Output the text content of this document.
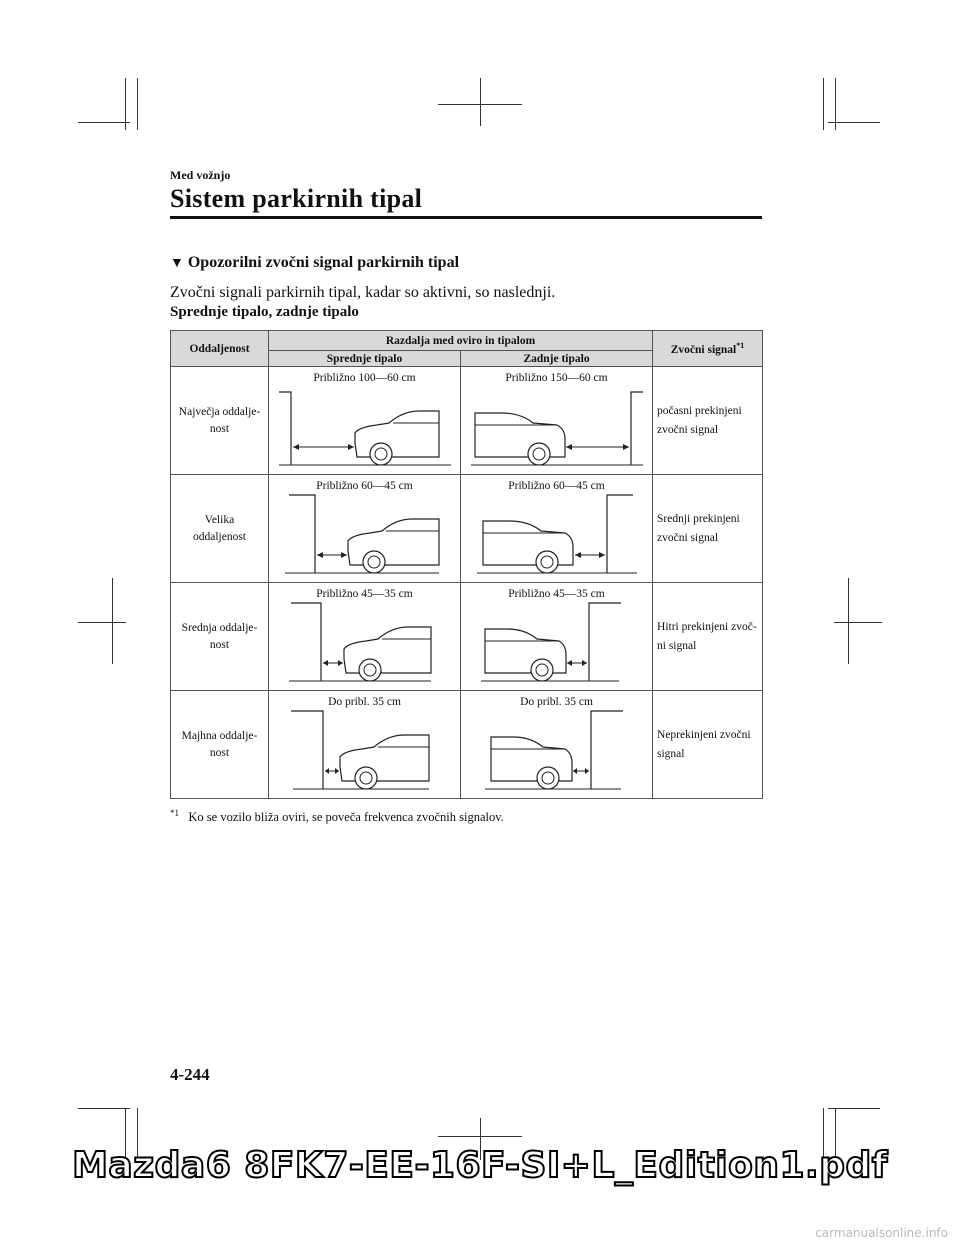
Med vožnjo
Sistem parkirnih tipal
▼ Opozorilni zvočni signal parkirnih tipal
Zvočni signali parkirnih tipal, kadar so aktivni, so naslednji.
Sprednje tipalo, zadnje tipalo
Oddaljenost	Razdalja med oviro in tipalom		Zvočni signal$^{*1}$
	Sprednje tipalo	Zadnje tipalo	
Največja oddalje-nost	Približno 100—60 cm	Približno 150—60 cm	počasni prekinjeni zvočni signal
Velika oddaljenost	Približno 60—45 cm	Približno 60—45 cm	Srednji prekinjeni zvočni signal
Srednja oddalje-nost	Približno 45—35 cm	Približno 45—35 cm	Hitri prekinjeni zvoč-ni signal
Majhna oddalje-nost	Do pribl. 35 cm	Do pribl. 35 cm	Neprekinjeni zvočni signal
$^{*1}$ Ko se vozilo bliža oviri, se poveča frekvenca zvočnih signalov.
4-244
Mazda6 8FK7-EE-16F-SI+L_Edition1.pdf
carmanualsonline.info
